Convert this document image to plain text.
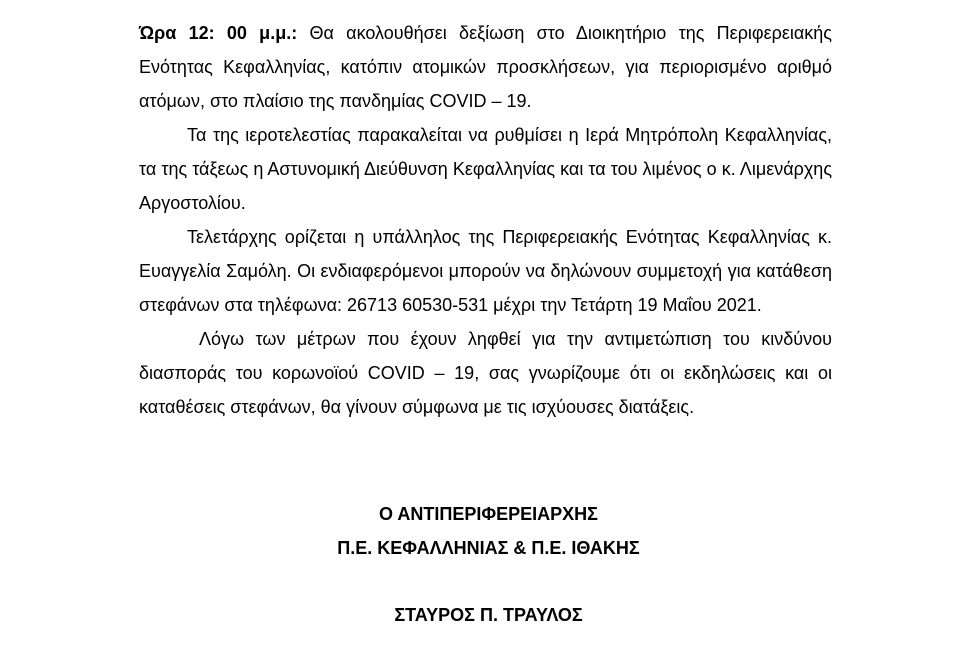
Ώρα 12: 00 μ.μ.: Θα ακολουθήσει δεξίωση στο Διοικητήριο της Περιφερειακής Ενότητας Κεφαλληνίας, κατόπιν ατομικών προσκλήσεων, για περιορισμένο αριθμό ατόμων, στο πλαίσιο της πανδημίας COVID – 19.

Τα της ιεροτελεστίας παρακαλείται να ρυθμίσει η Ιερά Μητρόπολη Κεφαλληνίας, τα της τάξεως η Αστυνομική Διεύθυνση Κεφαλληνίας και τα του λιμένος ο κ. Λιμενάρχης Αργοστολίου.

Τελετάρχης ορίζεται η υπάλληλος της Περιφερειακής Ενότητας Κεφαλληνίας κ. Ευαγγελία Σαμόλη. Οι ενδιαφερόμενοι μπορούν να δηλώνουν συμμετοχή για κατάθεση στεφάνων στα τηλέφωνα: 26713 60530-531 μέχρι την Τετάρτη 19 Μαΐου 2021.

Λόγω των μέτρων που έχουν ληφθεί για την αντιμετώπιση του κινδύνου διασποράς του κορωνοϊού COVID – 19, σας γνωρίζουμε ότι οι εκδηλώσεις και οι καταθέσεις στεφάνων, θα γίνουν σύμφωνα με τις ισχύουσες διατάξεις.

Ο ΑΝΤΙΠΕΡΙΦΕΡΕΙΑΡΧΗΣ
Π.Ε. ΚΕΦΑΛΛΗΝΙΑΣ & Π.Ε. ΙΘΑΚΗΣ
ΣΤΑΥΡΟΣ Π. ΤΡΑΥΛΟΣ
